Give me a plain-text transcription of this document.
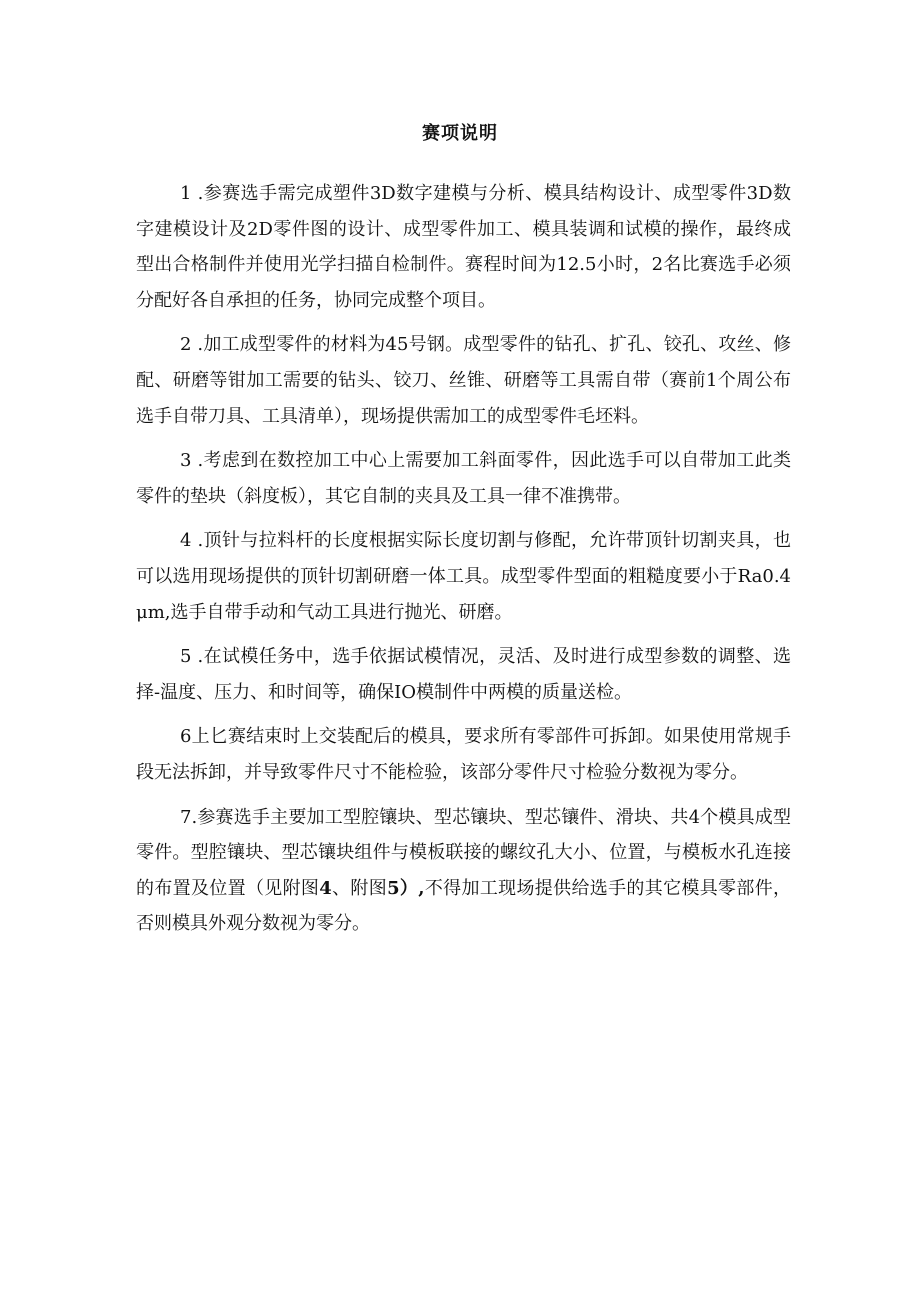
赛项说明

1 .参赛选手需完成塑件3D数字建模与分析、模具结构设计、成型零件3D数字建模设计及2D零件图的设计、成型零件加工、模具装调和试模的操作，最终成型出合格制件并使用光学扫描自检制件。赛程时间为12.5小时，2名比赛选手必须分配好各自承担的任务，协同完成整个项目。

2 .加工成型零件的材料为45号钢。成型零件的钻孔、扩孔、铰孔、攻丝、修配、研磨等钳加工需要的钻头、铰刀、丝锥、研磨等工具需自带（赛前1个周公布选手自带刀具、工具清单），现场提供需加工的成型零件毛坯料。

3 .考虑到在数控加工中心上需要加工斜面零件，因此选手可以自带加工此类零件的垫块（斜度板），其它自制的夹具及工具一律不准携带。

4 .顶针与拉料杆的长度根据实际长度切割与修配，允许带顶针切割夹具，也可以选用现场提供的顶针切割研磨一体工具。成型零件型面的粗糙度要小于Ra0.4μm,选手自带手动和气动工具进行抛光、研磨。

5 .在试模任务中，选手依据试模情况，灵活、及时进行成型参数的调整、选择-温度、压力、和时间等，确保IO模制件中两模的质量送检。

6上匕赛结束时上交装配后的模具，要求所有零部件可拆卸。如果使用常规手段无法拆卸，并导致零件尺寸不能检验，该部分零件尺寸检验分数视为零分。

7.参赛选手主要加工型腔镶块、型芯镶块、型芯镶件、滑块、共4个模具成型零件。型腔镶块、型芯镶块组件与模板联接的螺纹孔大小、位置，与模板水孔连接的布置及位置（见附图4、附图5）,不得加工现场提供给选手的其它模具零部件，否则模具外观分数视为零分。
